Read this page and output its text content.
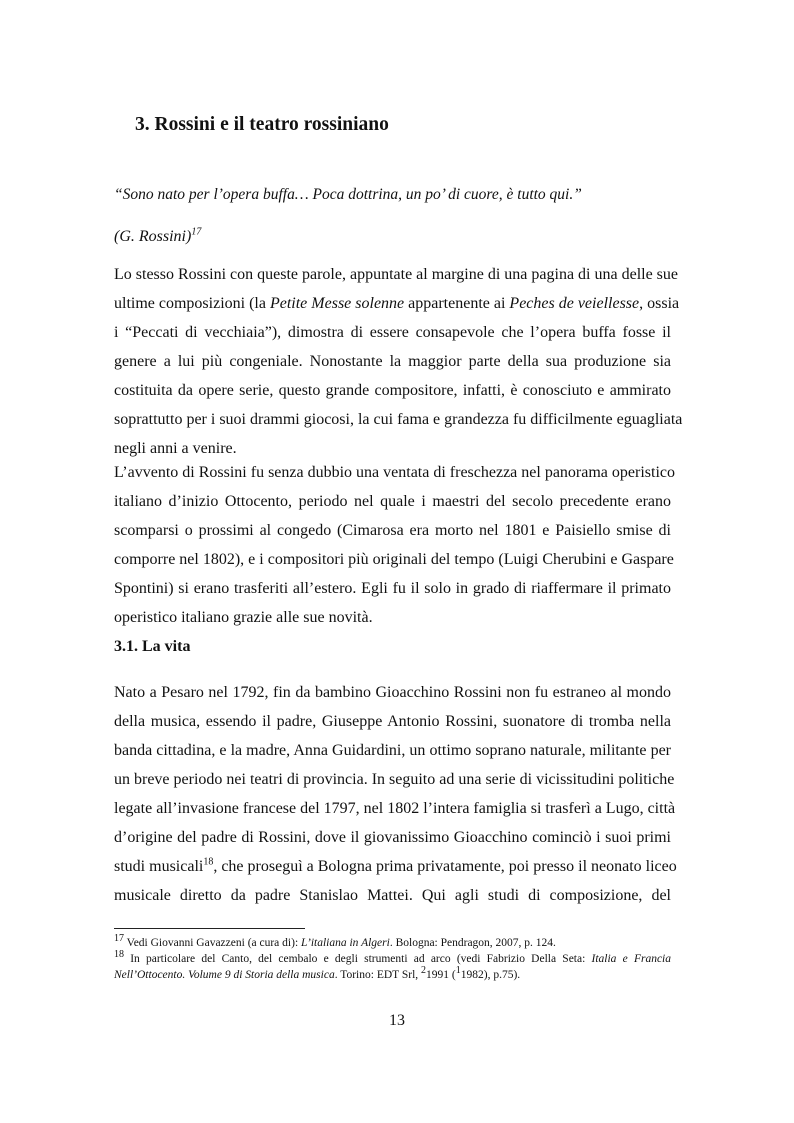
3. Rossini e il teatro rossiniano

“Sono nato per l’opera buffa… Poca dottrina, un po’ di cuore, è tutto qui.”

(G. Rossini)$^{17}$

Lo stesso Rossini con queste parole, appuntate al margine di una pagina di una delle sue
ultime composizioni (la Petite Messe solenne appartenente ai Peches de veiellesse, ossia
i “Peccati di vecchiaia”), dimostra di essere consapevole che l’opera buffa fosse il
genere a lui più congeniale. Nonostante la maggior parte della sua produzione sia
costituita da opere serie, questo grande compositore, infatti, è conosciuto e ammirato
soprattutto per i suoi drammi giocosi, la cui fama e grandezza fu difficilmente eguagliata
negli anni a venire.
L’avvento di Rossini fu senza dubbio una ventata di freschezza nel panorama operistico
italiano d’inizio Ottocento, periodo nel quale i maestri del secolo precedente erano
scomparsi o prossimi al congedo (Cimarosa era morto nel 1801 e Paisiello smise di
comporre nel 1802), e i compositori più originali del tempo (Luigi Cherubini e Gaspare
Spontini) si erano trasferiti all’estero. Egli fu il solo in grado di riaffermare il primato
operistico italiano grazie alle sue novità.
3.1. La vita
Nato a Pesaro nel 1792, fin da bambino Gioacchino Rossini non fu estraneo al mondo
della musica, essendo il padre, Giuseppe Antonio Rossini, suonatore di tromba nella
banda cittadina, e la madre, Anna Guidardini, un ottimo soprano naturale, militante per
un breve periodo nei teatri di provincia. In seguito ad una serie di vicissitudini politiche
legate all’invasione francese del 1797, nel 1802 l’intera famiglia si trasferì a Lugo, città
d’origine del padre di Rossini, dove il giovanissimo Gioacchino cominciò i suoi primi
studi musicali$^{18}$, che proseguì a Bologna prima privatamente, poi presso il neonato liceo
musicale diretto da padre Stanislao Mattei. Qui agli studi di composizione, del
$^{17}$ Vedi Giovanni Gavazzeni (a cura di): L’italiana in Algeri. Bologna: Pendragon, 2007, p. 124.
$^{18}$ In particolare del Canto, del cembalo e degli strumenti ad arco (vedi Fabrizio Della Seta: Italia e Francia
Nell’Ottocento. Volume 9 di Storia della musica. Torino: EDT Srl, $^2$1991 ($^1$1982), p.75).

13
